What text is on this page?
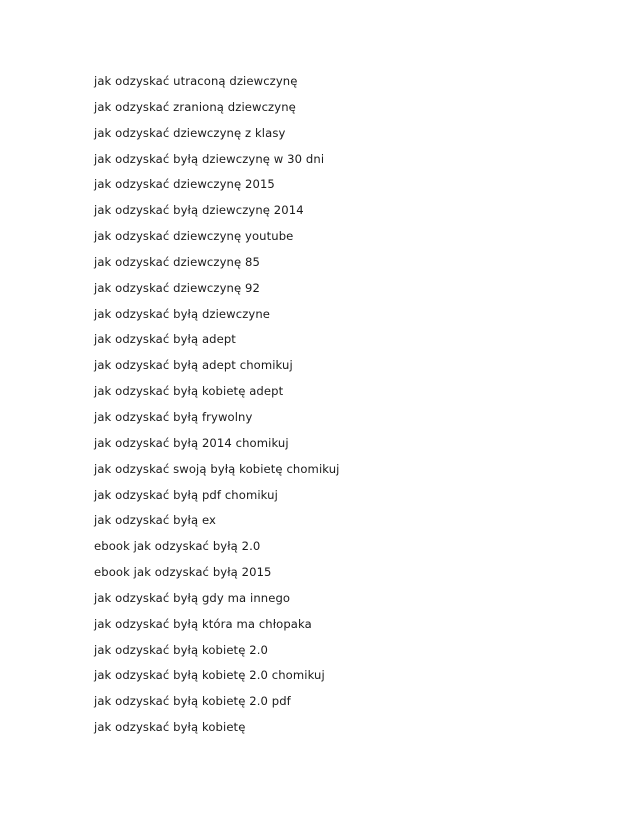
jak odzyskać utraconą dziewczynę
jak odzyskać zranioną dziewczynę
jak odzyskać dziewczynę z klasy
jak odzyskać byłą dziewczynę w 30 dni
jak odzyskać dziewczynę 2015
jak odzyskać byłą dziewczynę 2014
jak odzyskać dziewczynę youtube
jak odzyskać dziewczynę 85
jak odzyskać dziewczynę 92
jak odzyskać byłą dziewczyne
jak odzyskać byłą adept
jak odzyskać byłą adept chomikuj
jak odzyskać byłą kobietę adept
jak odzyskać byłą frywolny
jak odzyskać byłą 2014 chomikuj
jak odzyskać swoją byłą kobietę chomikuj
jak odzyskać byłą pdf chomikuj
jak odzyskać byłą ex
ebook jak odzyskać byłą 2.0
ebook jak odzyskać byłą 2015
jak odzyskać byłą gdy ma innego
jak odzyskać byłą która ma chłopaka
jak odzyskać byłą kobietę 2.0
jak odzyskać byłą kobietę 2.0 chomikuj
jak odzyskać byłą kobietę 2.0 pdf
jak odzyskać byłą kobietę
